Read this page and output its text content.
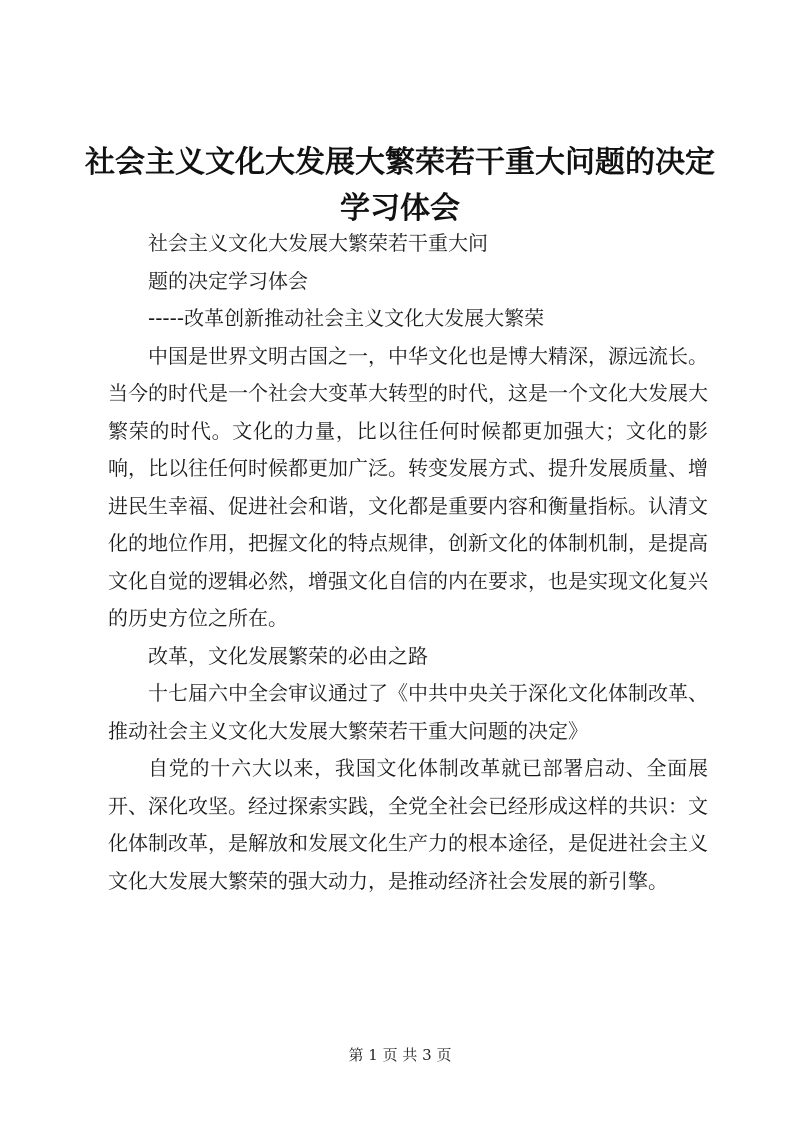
社会主义文化大发展大繁荣若干重大问题的决定学习体会

社会主义文化大发展大繁荣若干重大问

题的决定学习体会

-----改革创新推动社会主义文化大发展大繁荣

中国是世界文明古国之一，中华文化也是博大精深，源远流长。当今的时代是一个社会大变革大转型的时代，这是一个文化大发展大繁荣的时代。文化的力量，比以往任何时候都更加强大；文化的影响，比以往任何时候都更加广泛。转变发展方式、提升发展质量、增进民生幸福、促进社会和谐，文化都是重要内容和衡量指标。认清文化的地位作用，把握文化的特点规律，创新文化的体制机制，是提高文化自觉的逻辑必然，增强文化自信的内在要求，也是实现文化复兴的历史方位之所在。

改革，文化发展繁荣的必由之路

十七届六中全会审议通过了《中共中央关于深化文化体制改革、推动社会主义文化大发展大繁荣若干重大问题的决定》

自党的十六大以来，我国文化体制改革就已部署启动、全面展开、深化攻坚。经过探索实践，全党全社会已经形成这样的共识：文化体制改革，是解放和发展文化生产力的根本途径，是促进社会主义文化大发展大繁荣的强大动力，是推动经济社会发展的新引擎。

第 1 页 共 3 页
